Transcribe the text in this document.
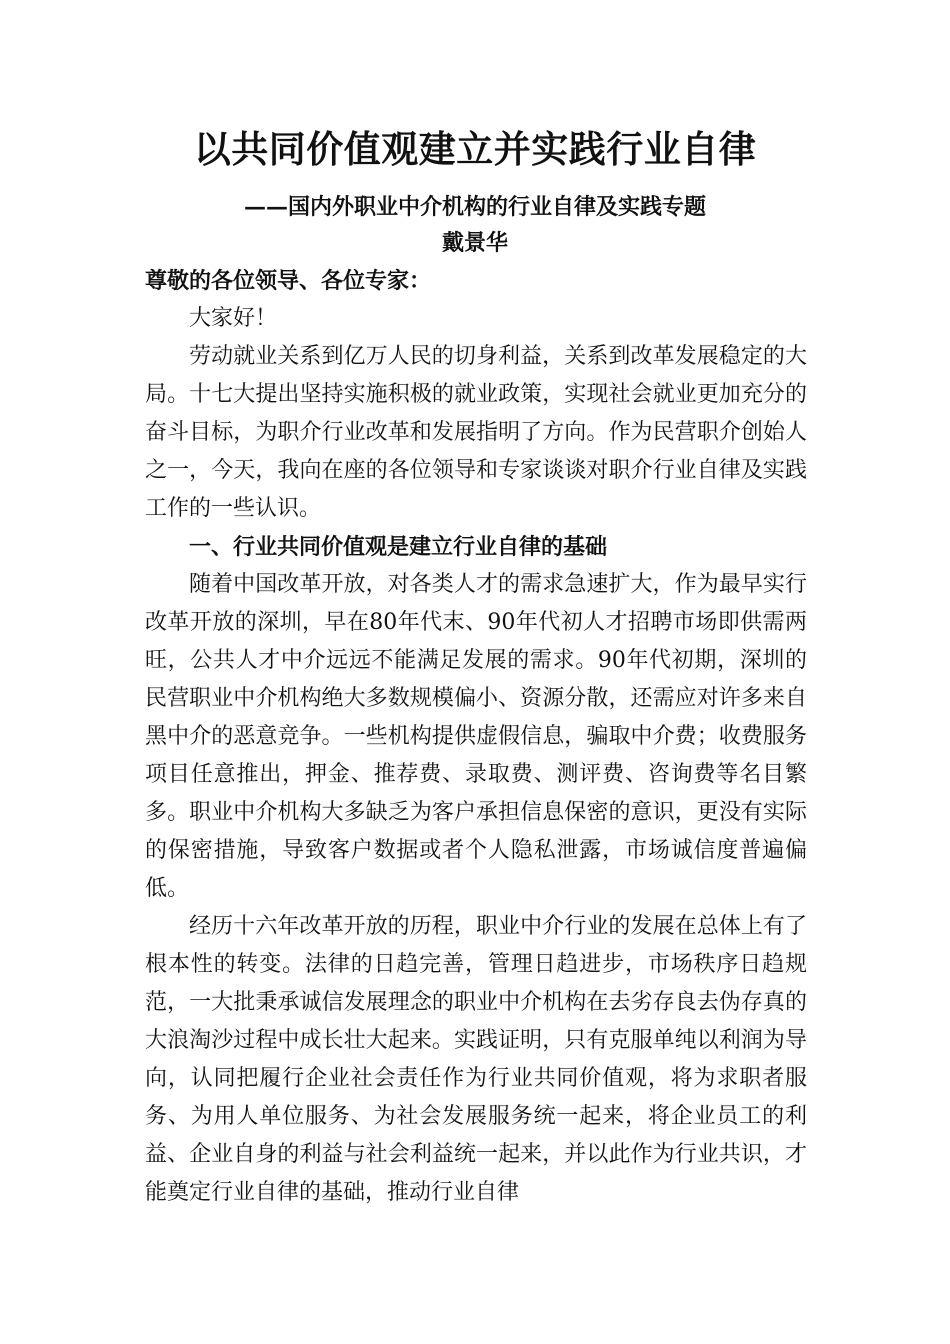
以共同价值观建立并实践行业自律
——国内外职业中介机构的行业自律及实践专题
戴景华

尊敬的各位领导、各位专家：

大家好！

劳动就业关系到亿万人民的切身利益，关系到改革发展稳定的大局。十七大提出坚持实施积极的就业政策，实现社会就业更加充分的奋斗目标，为职介行业改革和发展指明了方向。作为民营职介创始人之一，今天，我向在座的各位领导和专家谈谈对职介行业自律及实践工作的一些认识。

一、行业共同价值观是建立行业自律的基础

随着中国改革开放，对各类人才的需求急速扩大，作为最早实行改革开放的深圳，早在80年代末、90年代初人才招聘市场即供需两旺，公共人才中介远远不能满足发展的需求。90年代初期，深圳的民营职业中介机构绝大多数规模偏小、资源分散，还需应对许多来自黑中介的恶意竞争。一些机构提供虚假信息，骗取中介费；收费服务项目任意推出，押金、推荐费、录取费、测评费、咨询费等名目繁多。职业中介机构大多缺乏为客户承担信息保密的意识，更没有实际的保密措施，导致客户数据或者个人隐私泄露，市场诚信度普遍偏低。

经历十六年改革开放的历程，职业中介行业的发展在总体上有了根本性的转变。法律的日趋完善，管理日趋进步，市场秩序日趋规范，一大批秉承诚信发展理念的职业中介机构在去劣存良去伪存真的大浪淘沙过程中成长壮大起来。实践证明，只有克服单纯以利润为导向，认同把履行企业社会责任作为行业共同价值观，将为求职者服务、为用人单位服务、为社会发展服务统一起来，将企业员工的利益、企业自身的利益与社会利益统一起来，并以此作为行业共识，才能奠定行业自律的基础，推动行业自律
